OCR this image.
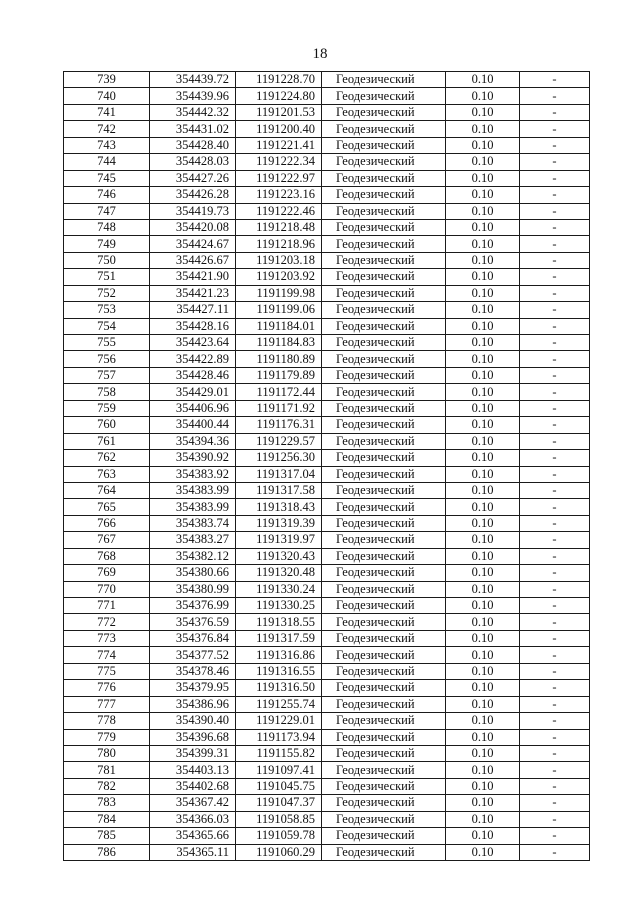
18
739	354439.72	1191228.70	Геодезический	0.10	-
740	354439.96	1191224.80	Геодезический	0.10	-
741	354442.32	1191201.53	Геодезический	0.10	-
742	354431.02	1191200.40	Геодезический	0.10	-
743	354428.40	1191221.41	Геодезический	0.10	-
744	354428.03	1191222.34	Геодезический	0.10	-
745	354427.26	1191222.97	Геодезический	0.10	-
746	354426.28	1191223.16	Геодезический	0.10	-
747	354419.73	1191222.46	Геодезический	0.10	-
748	354420.08	1191218.48	Геодезический	0.10	-
749	354424.67	1191218.96	Геодезический	0.10	-
750	354426.67	1191203.18	Геодезический	0.10	-
751	354421.90	1191203.92	Геодезический	0.10	-
752	354421.23	1191199.98	Геодезический	0.10	-
753	354427.11	1191199.06	Геодезический	0.10	-
754	354428.16	1191184.01	Геодезический	0.10	-
755	354423.64	1191184.83	Геодезический	0.10	-
756	354422.89	1191180.89	Геодезический	0.10	-
757	354428.46	1191179.89	Геодезический	0.10	-
758	354429.01	1191172.44	Геодезический	0.10	-
759	354406.96	1191171.92	Геодезический	0.10	-
760	354400.44	1191176.31	Геодезический	0.10	-
761	354394.36	1191229.57	Геодезический	0.10	-
762	354390.92	1191256.30	Геодезический	0.10	-
763	354383.92	1191317.04	Геодезический	0.10	-
764	354383.99	1191317.58	Геодезический	0.10	-
765	354383.99	1191318.43	Геодезический	0.10	-
766	354383.74	1191319.39	Геодезический	0.10	-
767	354383.27	1191319.97	Геодезический	0.10	-
768	354382.12	1191320.43	Геодезический	0.10	-
769	354380.66	1191320.48	Геодезический	0.10	-
770	354380.99	1191330.24	Геодезический	0.10	-
771	354376.99	1191330.25	Геодезический	0.10	-
772	354376.59	1191318.55	Геодезический	0.10	-
773	354376.84	1191317.59	Геодезический	0.10	-
774	354377.52	1191316.86	Геодезический	0.10	-
775	354378.46	1191316.55	Геодезический	0.10	-
776	354379.95	1191316.50	Геодезический	0.10	-
777	354386.96	1191255.74	Геодезический	0.10	-
778	354390.40	1191229.01	Геодезический	0.10	-
779	354396.68	1191173.94	Геодезический	0.10	-
780	354399.31	1191155.82	Геодезический	0.10	-
781	354403.13	1191097.41	Геодезический	0.10	-
782	354402.68	1191045.75	Геодезический	0.10	-
783	354367.42	1191047.37	Геодезический	0.10	-
784	354366.03	1191058.85	Геодезический	0.10	-
785	354365.66	1191059.78	Геодезический	0.10	-
786	354365.11	1191060.29	Геодезический	0.10	-
